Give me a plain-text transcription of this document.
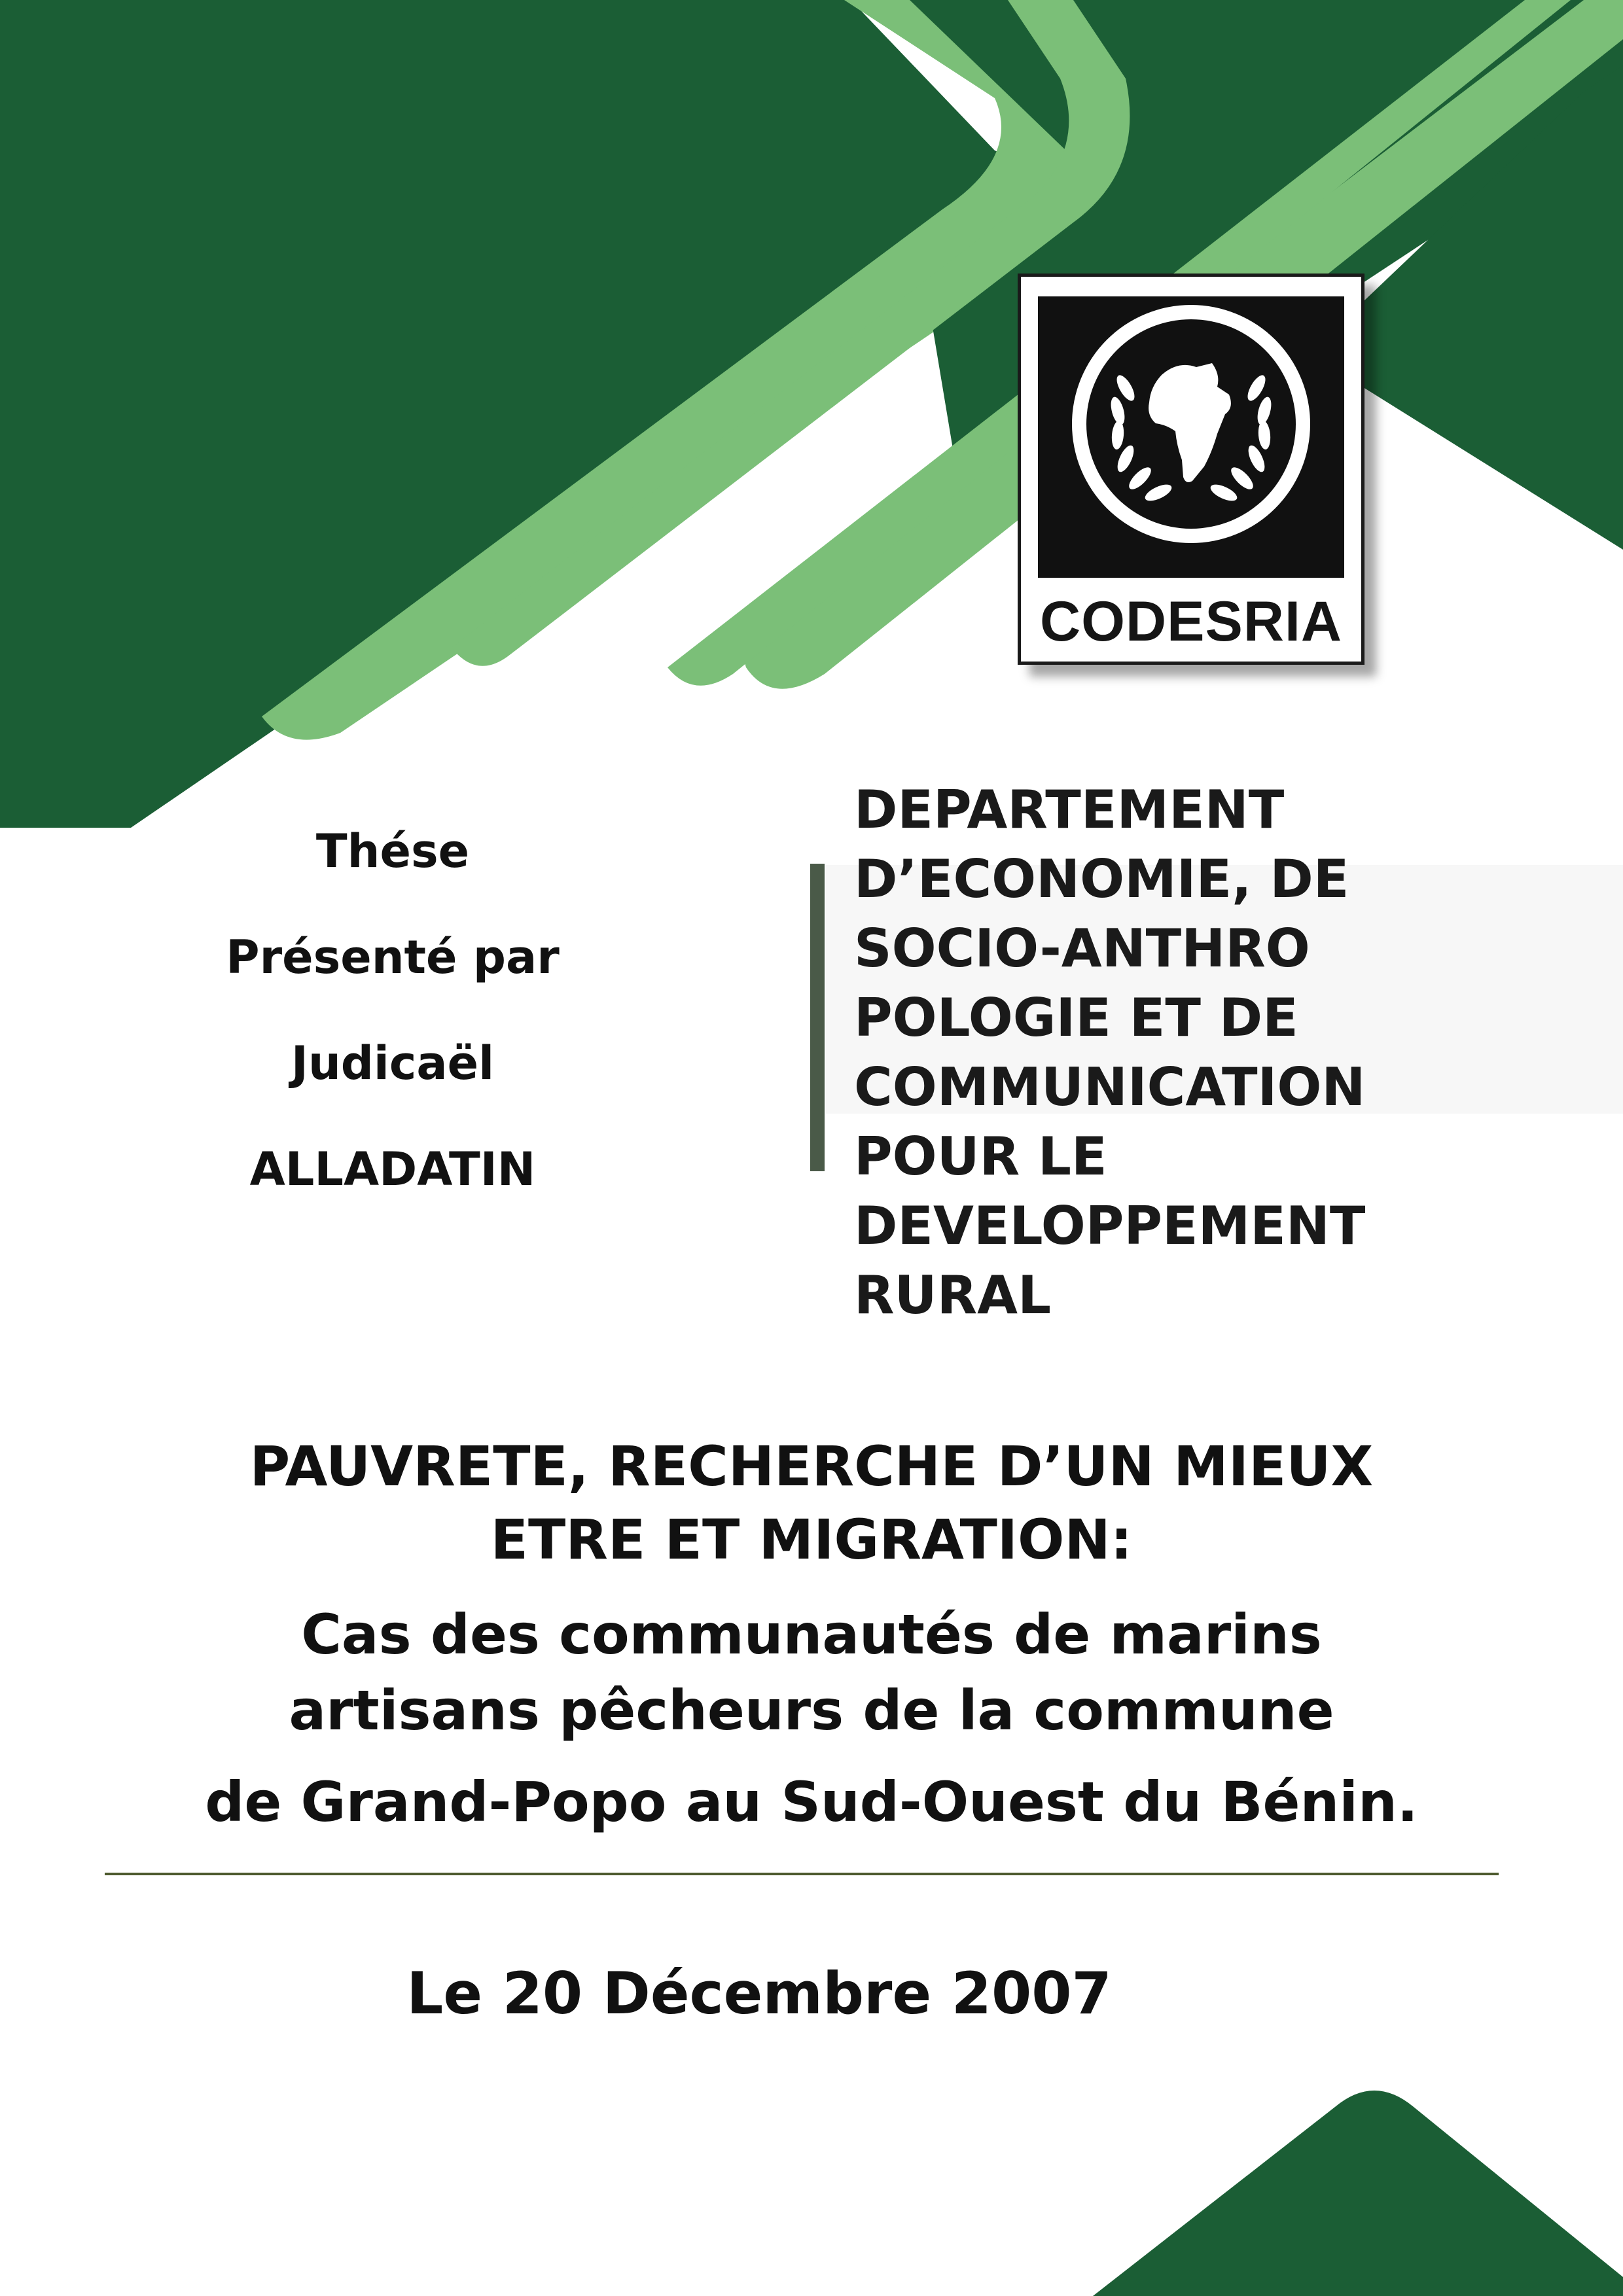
CODESRIA
Thése
Présenté par
Judicaël
ALLADATIN
DEPARTEMENT
D’ECONOMIE, DE
SOCIO-ANTHRO
POLOGIE ET DE
COMMUNICATION
POUR LE
DEVELOPPEMENT
RURAL
PAUVRETE, RECHERCHE D’UN MIEUX
ETRE ET MIGRATION:
Cas des communautés de marins
artisans pêcheurs de la commune
de Grand-Popo au Sud-Ouest du Bénin.
Le 20 Décembre 2007
